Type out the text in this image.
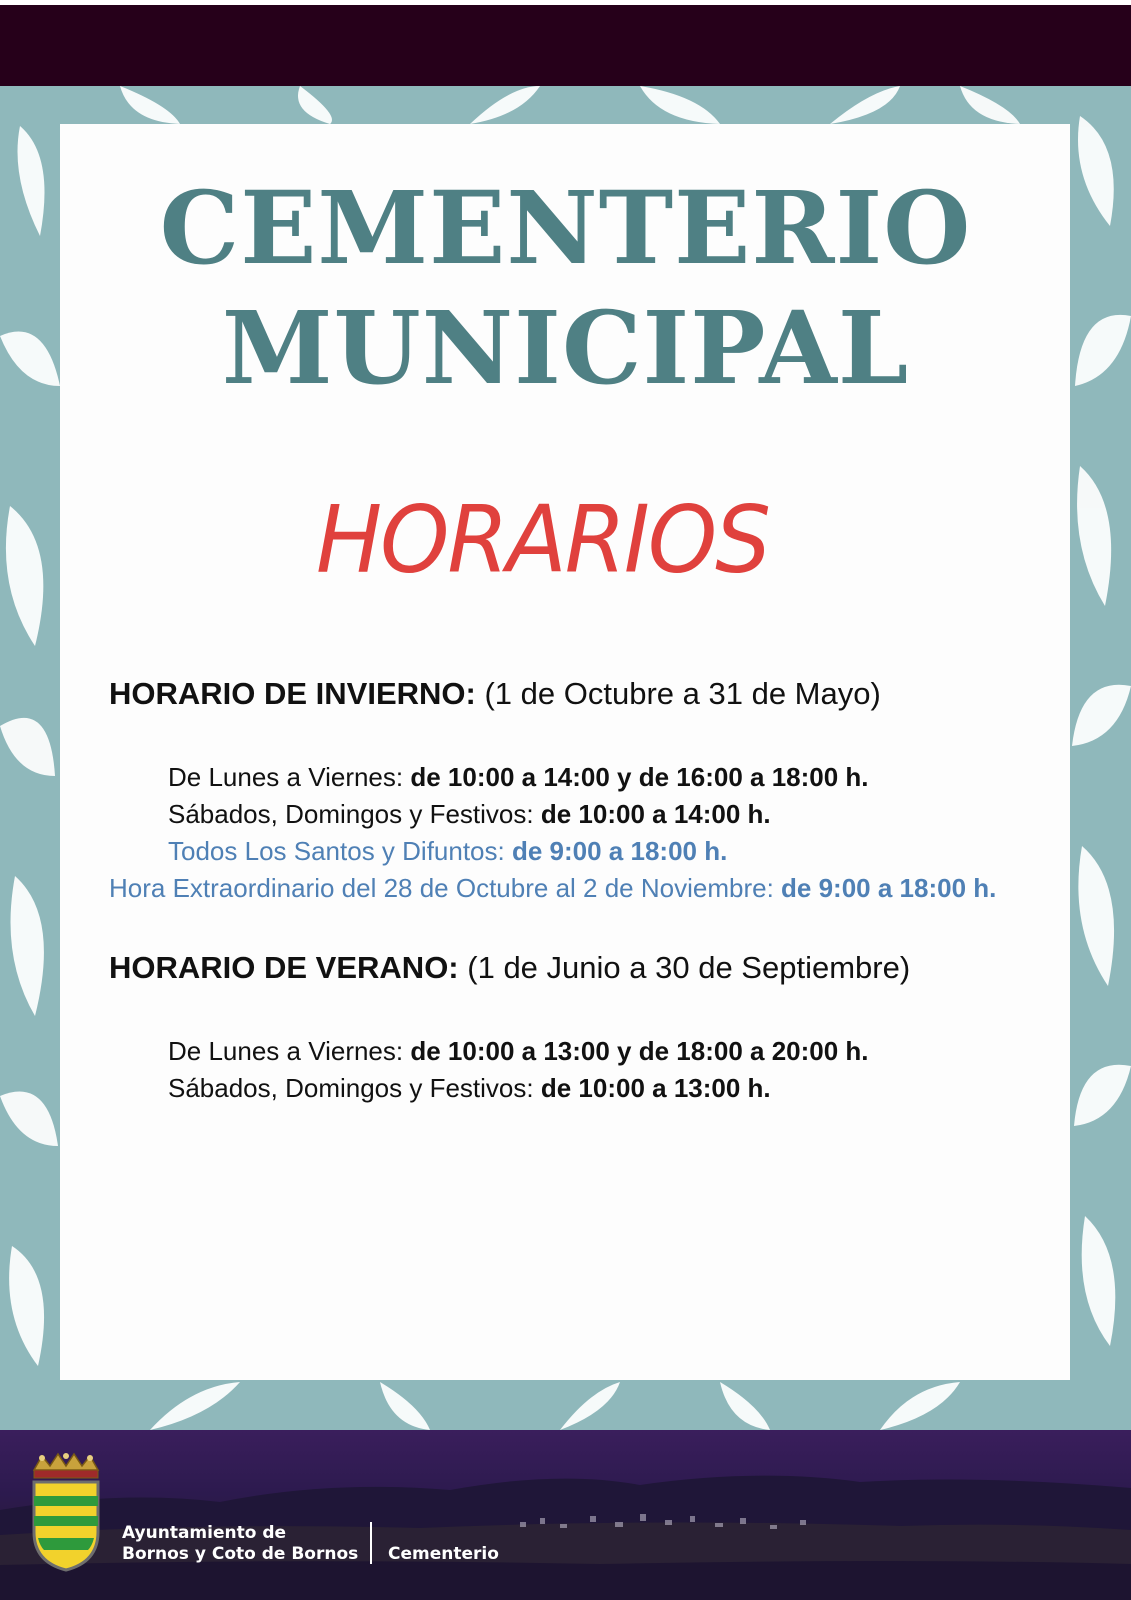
CEMENTERIO
MUNICIPAL
HORARIOS
HORARIO DE INVIERNO: (1 de Octubre a 31 de Mayo)
De Lunes a Viernes: de 10:00 a 14:00 y de 16:00 a 18:00 h.
Sábados, Domingos y Festivos: de 10:00 a 14:00 h.
Todos Los Santos y Difuntos: de 9:00 a 18:00 h.
Hora Extraordinario del 28 de Octubre al 2 de Noviembre: de 9:00 a 18:00 h.
HORARIO DE VERANO: (1 de Junio a 30 de Septiembre)
De Lunes a Viernes: de 10:00 a 13:00 y de 18:00 a 20:00 h.
Sábados, Domingos y Festivos: de 10:00 a 13:00 h.
Ayuntamiento de
Bornos y Coto de Bornos Cementerio
